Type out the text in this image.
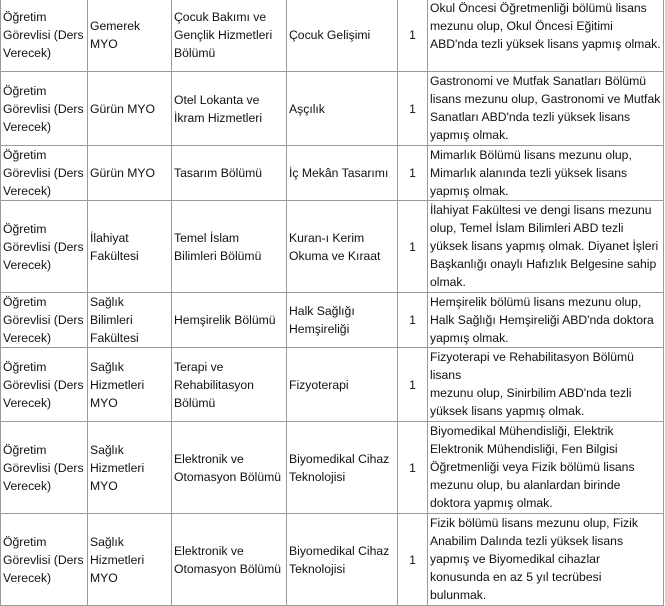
Öğretim Görevlisi (Ders Verecek)	Gemerek MYO	Çocuk Bakımı ve Gençlik Hizmetleri Bölümü	Çocuk Gelişimi	1	Okul Öncesi Öğretmenliği bölümü lisans mezunu olup, Okul Öncesi Eğitimi ABD'nda tezli yüksek lisans yapmış olmak.
Öğretim Görevlisi (Ders Verecek)	Gürün MYO	Otel Lokanta ve İkram Hizmetleri	Aşçılık	1	Gastronomi ve Mutfak Sanatları Bölümü lisans mezunu olup, Gastronomi ve Mutfak Sanatları ABD'nda tezli yüksek lisans yapmış olmak.
Öğretim Görevlisi (Ders Verecek)	Gürün MYO	Tasarım Bölümü	İç Mekân Tasarımı	1	Mimarlık Bölümü lisans mezunu olup, Mimarlık alanında tezli yüksek lisans yapmış olmak.
Öğretim Görevlisi (Ders Verecek)	İlahiyat Fakültesi	Temel İslam Bilimleri Bölümü	Kuran-ı Kerim Okuma ve Kıraat	1	İlahiyat Fakültesi ve dengi lisans mezunu olup, Temel İslam Bilimleri ABD tezli yüksek lisans yapmış olmak. Diyanet İşleri Başkanlığı onaylı Hafızlık Belgesine sahip olmak.
Öğretim Görevlisi (Ders Verecek)	Sağlık Bilimleri Fakültesi	Hemşirelik Bölümü	Halk Sağlığı Hemşireliği	1	Hemşirelik bölümü lisans mezunu olup, Halk Sağlığı Hemşireliği ABD'nda doktora yapmış olmak.
Öğretim Görevlisi (Ders Verecek)	Sağlık Hizmetleri MYO	Terapi ve Rehabilitasyon Bölümü	Fizyoterapi	1	Fizyoterapi ve Rehabilitasyon Bölümü lisans
mezunu olup, Sinirbilim ABD'nda tezli yüksek lisans yapmış olmak.
Öğretim Görevlisi (Ders Verecek)	Sağlık Hizmetleri MYO	Elektronik ve Otomasyon Bölümü	Biyomedikal Cihaz Teknolojisi	1	Biyomedikal Mühendisliği, Elektrik Elektronik Mühendisliği, Fen Bilgisi Öğretmenliği veya Fizik bölümü lisans mezunu olup, bu alanlardan birinde doktora yapmış olmak.
Öğretim Görevlisi (Ders Verecek)	Sağlık Hizmetleri MYO	Elektronik ve Otomasyon Bölümü	Biyomedikal Cihaz Teknolojisi	1	Fizik bölümü lisans mezunu olup, Fizik Anabilim Dalında tezli yüksek lisans yapmış ve Biyomedikal cihazlar konusunda en az 5 yıl tecrübesi bulunmak.
